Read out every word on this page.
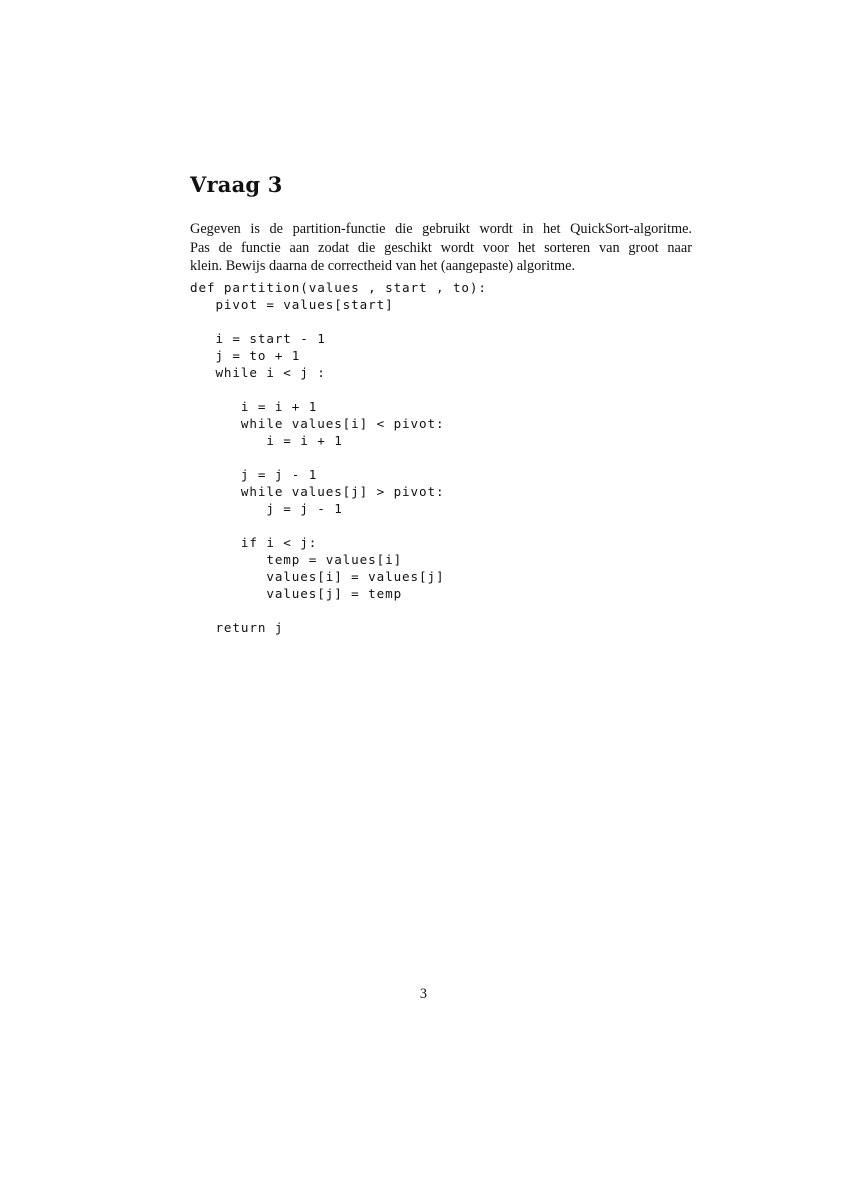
Vraag 3
Gegeven is de partition-functie die gebruikt wordt in het QuickSort-algoritme.
Pas de functie aan zodat die geschikt wordt voor het sorteren van groot naar
klein. Bewijs daarna de correctheid van het (aangepaste) algoritme.
def partition(values , start , to):
pivot = values[start]
i = start - 1
j = to + 1
while i < j :
i = i + 1
while values[i] < pivot:
i = i + 1
j = j - 1
while values[j] > pivot:
j = j - 1
if i < j:
temp = values[i]
values[i] = values[j]
values[j] = temp
return j
3
